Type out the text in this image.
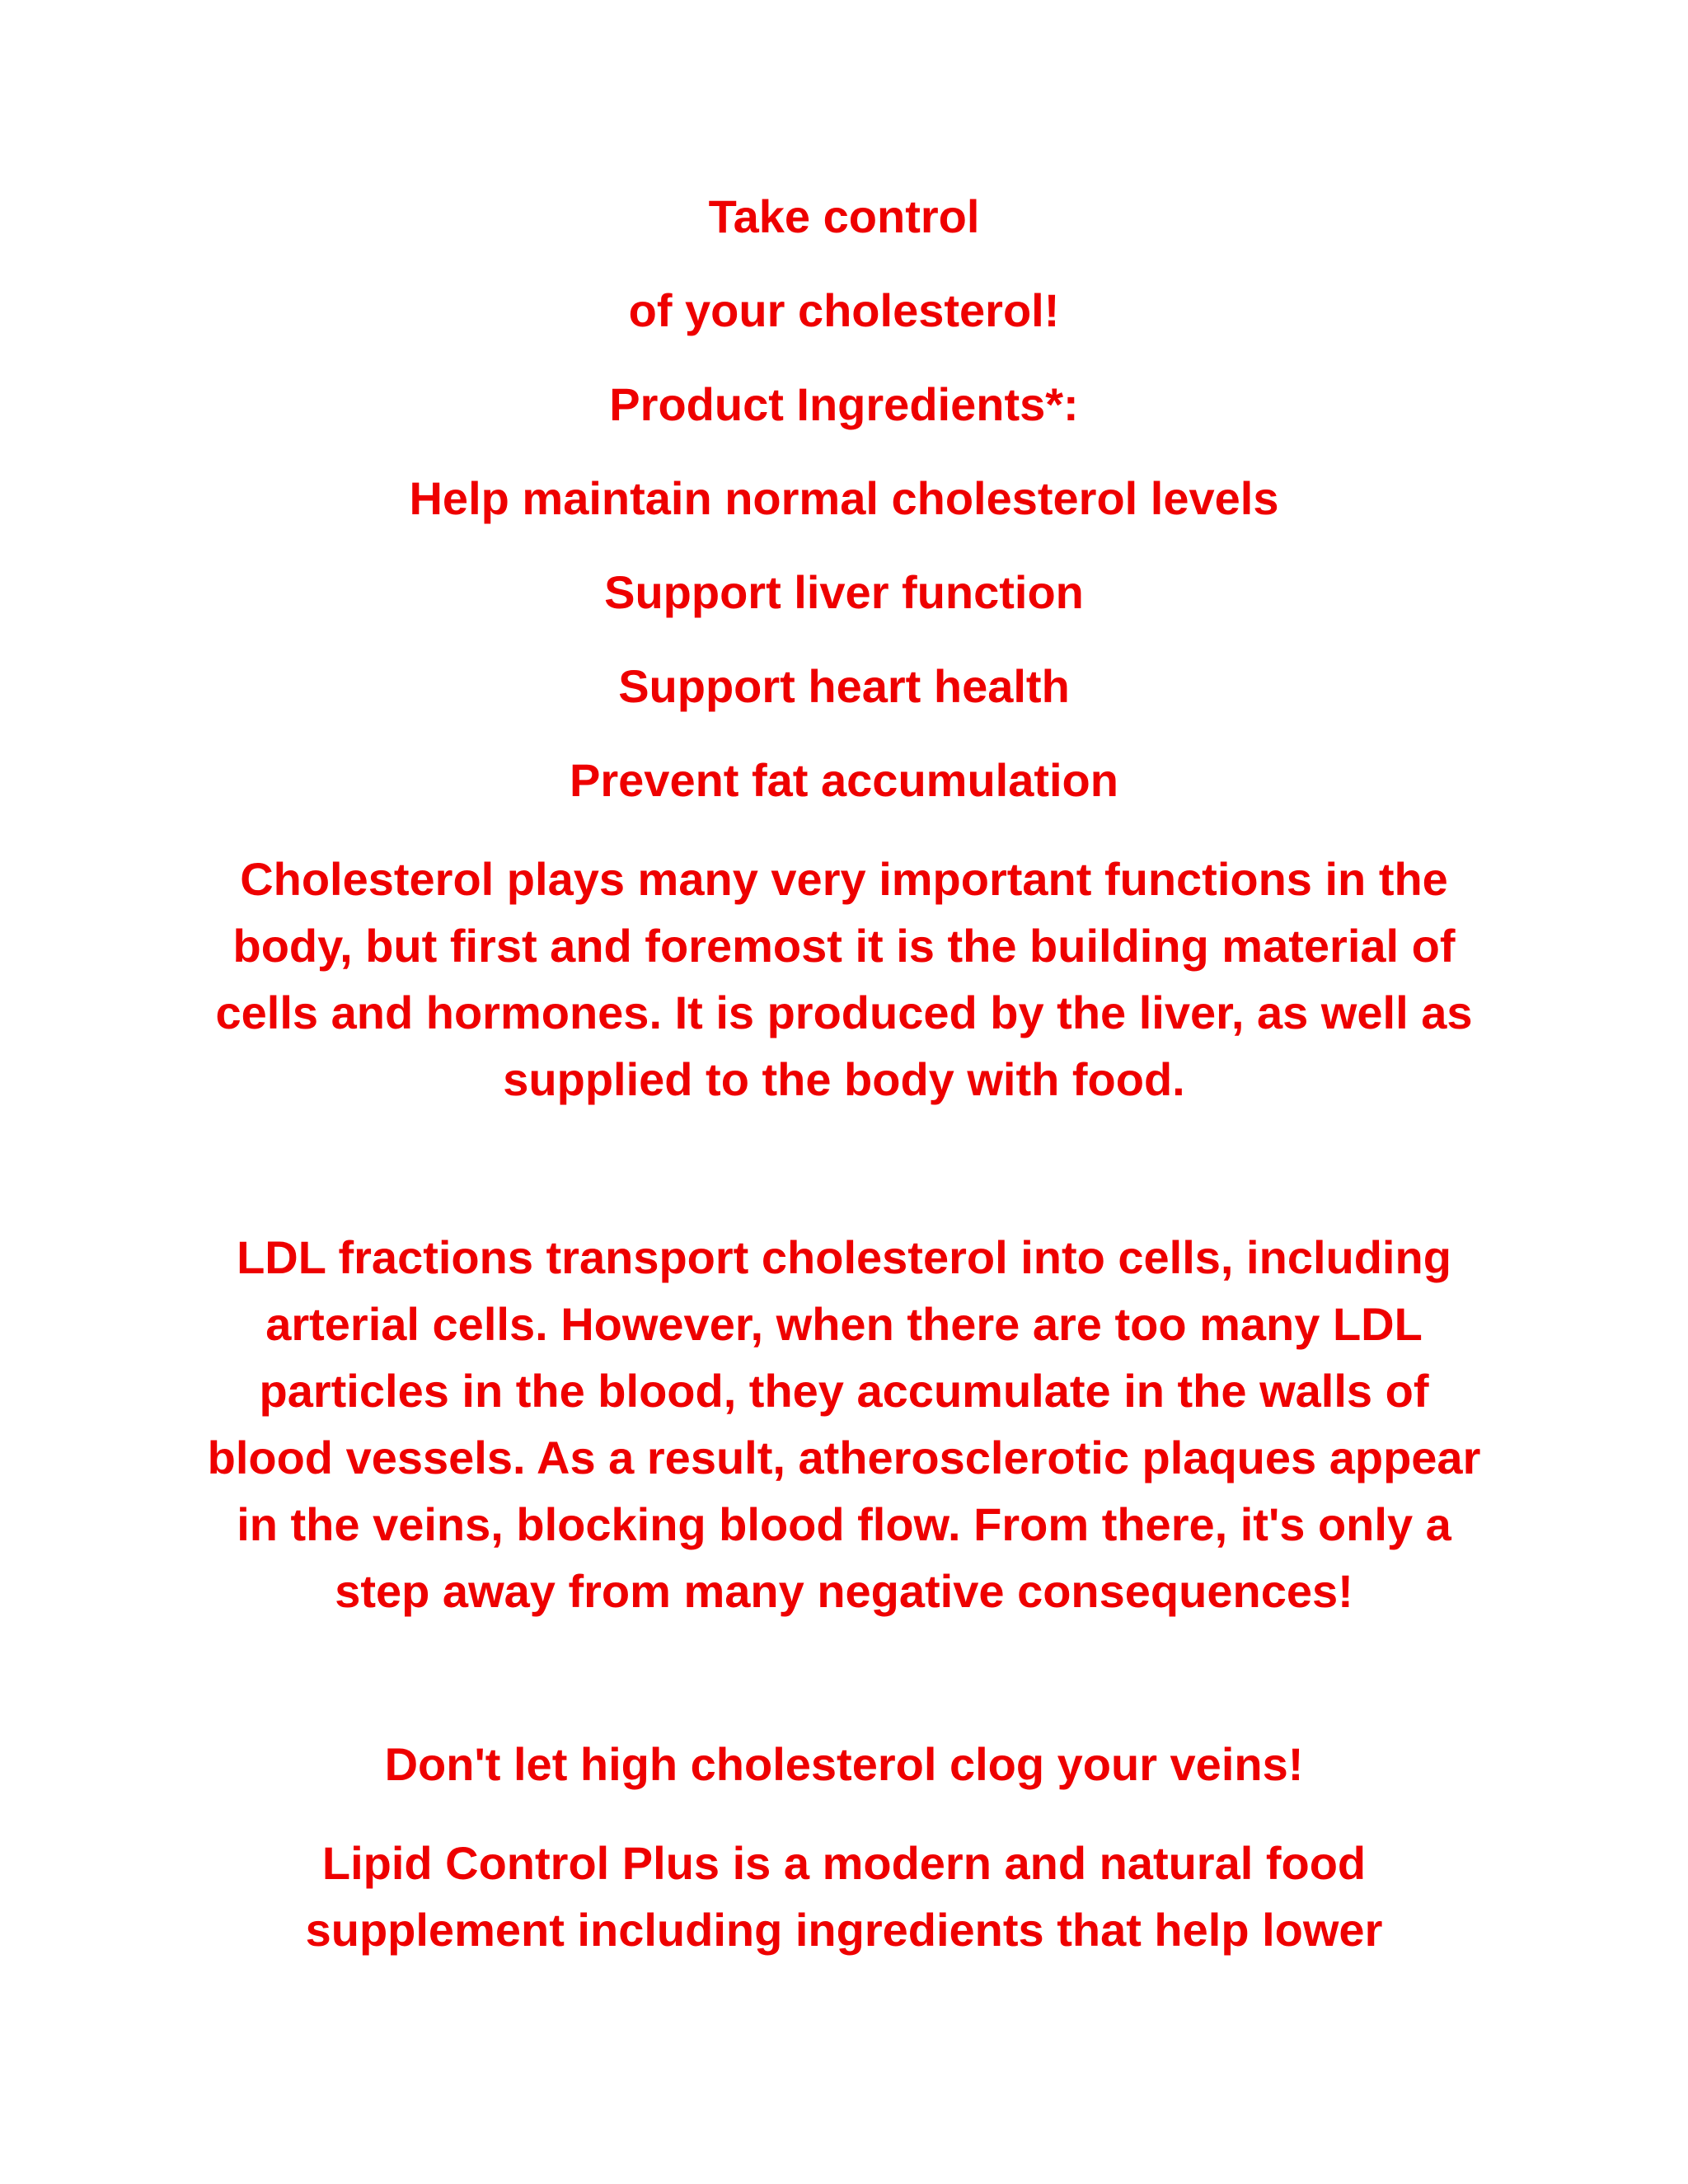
Take control

of your cholesterol!

Product Ingredients*:

Help maintain normal cholesterol levels

Support liver function

Support heart health

Prevent fat accumulation

Cholesterol plays many very important functions in the body, but first and foremost it is the building material of cells and hormones. It is produced by the liver, as well as supplied to the body with food.

LDL fractions transport cholesterol into cells, including arterial cells. However, when there are too many LDL particles in the blood, they accumulate in the walls of blood vessels. As a result, atherosclerotic plaques appear in the veins, blocking blood flow. From there, it's only a step away from many negative consequences!

Don't let high cholesterol clog your veins!

Lipid Control Plus is a modern and natural food supplement including ingredients that help lower
